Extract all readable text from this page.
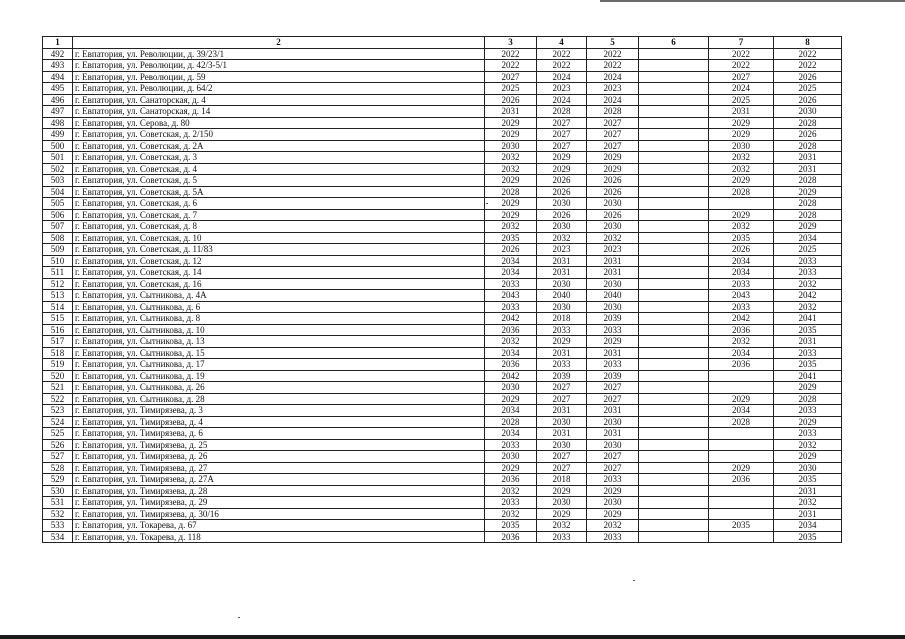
1	2	3	4	5	6	7	8
492	г. Евпатория, ул. Революции, д. 39/23/1	2022	2022	2022		2022	2022
493	г. Евпатория, ул. Революции, д. 42/3-5/1	2022	2022	2022		2022	2022
494	г. Евпатория, ул. Революции, д. 59	2027	2024	2024		2027	2026
495	г. Евпатория, ул. Революции, д. 64/2	2025	2023	2023		2024	2025
496	г. Евпатория, ул. Санаторская, д. 4	2026	2024	2024		2025	2026
497	г. Евпатория, ул. Санаторская, д. 14	2031	2028	2028		2031	2030
498	г. Евпатория, ул. Серова, д. 80	2029	2027	2027		2029	2028
499	г. Евпатория, ул. Советская, д. 2/150	2029	2027	2027		2029	2026
500	г. Евпатория, ул. Советская, д. 2А	2030	2027	2027		2030	2028
501	г. Евпатория, ул. Советская, д. 3	2032	2029	2029		2032	2031
502	г. Евпатория, ул. Советская, д. 4	2032	2029	2029		2032	2031
503	г. Евпатория, ул. Советская, д. 5	2029	2026	2026		2029	2028
504	г. Евпатория, ул. Советская, д. 5А	2028	2026	2026		2028	2029
505	г. Евпатория, ул. Советская, д. 6	2029	2030	2030			2028
506	г. Евпатория, ул. Советская, д. 7	2029	2026	2026		2029	2028
507	г. Евпатория, ул. Советская, д. 8	2032	2030	2030		2032	2029
508	г. Евпатория, ул. Советская, д. 10	2035	2032	2032		2035	2034
509	г. Евпатория, ул. Советская, д. 11/83	2026	2023	2023		2026	2025
510	г. Евпатория, ул. Советская, д. 12	2034	2031	2031		2034	2033
511	г. Евпатория, ул. Советская, д. 14	2034	2031	2031		2034	2033
512	г. Евпатория, ул. Советская, д. 16	2033	2030	2030		2033	2032
513	г. Евпатория, ул. Сытникова, д. 4А	2043	2040	2040		2043	2042
514	г. Евпатория, ул. Сытникова, д. 6	2033	2030	2030		2033	2032
515	г. Евпатория, ул. Сытникова, д. 8	2042	2018	2039		2042	2041
516	г. Евпатория, ул. Сытникова, д. 10	2036	2033	2033		2036	2035
517	г. Евпатория, ул. Сытникова, д. 13	2032	2029	2029		2032	2031
518	г. Евпатория, ул. Сытникова, д. 15	2034	2031	2031		2034	2033
519	г. Евпатория, ул. Сытникова, д. 17	2036	2033	2033		2036	2035
520	г. Евпатория, ул. Сытникова, д. 19	2042	2039	2039			2041
521	г. Евпатория, ул. Сытникова, д. 26	2030	2027	2027			2029
522	г. Евпатория, ул. Сытникова, д. 28	2029	2027	2027		2029	2028
523	г. Евпатория, ул. Тимирязева, д. 3	2034	2031	2031		2034	2033
524	г. Евпатория, ул. Тимирязева, д. 4	2028	2030	2030		2028	2029
525	г. Евпатория, ул. Тимирязева, д. 6	2034	2031	2031			2033
526	г. Евпатория, ул. Тимирязева, д. 25	2033	2030	2030			2032
527	г. Евпатория, ул. Тимирязева, д. 26	2030	2027	2027			2029
528	г. Евпатория, ул. Тимирязева, д. 27	2029	2027	2027		2029	2030
529	г. Евпатория, ул. Тимирязева, д. 27А	2036	2018	2033		2036	2035
530	г. Евпатория, ул. Тимирязева, д. 28	2032	2029	2029			2031
531	г. Евпатория, ул. Тимирязева, д. 29	2033	2030	2030			2032
532	г. Евпатория, ул. Тимирязева, д. 30/16	2032	2029	2029			2031
533	г. Евпатория, ул. Токарева, д. 67	2035	2032	2032		2035	2034
534	г. Евпатория, ул. Токарева, д. 118	2036	2033	2033			2035
